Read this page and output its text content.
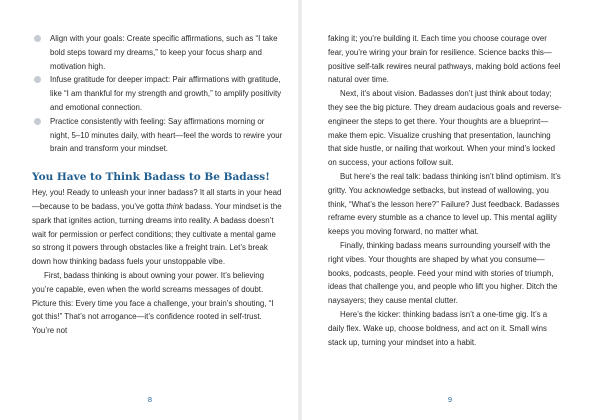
Align with your goals: Create specific affirmations, such as “I take bold steps toward my dreams,” to keep your focus sharp and motivation high.
Infuse gratitude for deeper impact: Pair affirmations with gratitude, like “I am thankful for my strength and growth,” to amplify positivity and emotional connection.
Practice consistently with feeling: Say affirmations morning or night, 5–10 minutes daily, with heart—feel the words to rewire your brain and transform your mindset.
You Have to Think Badass to Be Badass!

Hey, you! Ready to unleash your inner badass? It all starts in your head—because to be badass, you’ve gotta think badass. Your mindset is the spark that ignites action, turning dreams into reality. A badass doesn’t wait for permission or perfect conditions; they cultivate a mental game so strong it powers through obstacles like a freight train. Let’s break down how thinking badass fuels your unstoppable vibe.

First, badass thinking is about owning your power. It’s believing you’re capable, even when the world screams messages of doubt. Picture this: Every time you face a challenge, your brain’s shouting, “I got this!” That’s not arrogance—it’s confidence rooted in self-trust. You’re not

8

faking it; you’re building it. Each time you choose courage over fear, you’re wiring your brain for resilience. Science backs this—positive self-talk rewires neural pathways, making bold actions feel natural over time.

Next, it’s about vision. Badasses don’t just think about today; they see the big picture. They dream audacious goals and reverse-engineer the steps to get there. Your thoughts are a blueprint—make them epic. Visualize crushing that presentation, launching that side hustle, or nailing that workout. When your mind’s locked on success, your actions follow suit.

But here’s the real talk: badass thinking isn’t blind optimism. It’s gritty. You acknowledge setbacks, but instead of wallowing, you think, “What’s the lesson here?” Failure? Just feedback. Badasses reframe every stumble as a chance to level up. This mental agility keeps you moving forward, no matter what.

Finally, thinking badass means surrounding yourself with the right vibes. Your thoughts are shaped by what you consume—books, podcasts, people. Feed your mind with stories of triumph, ideas that challenge you, and people who lift you higher. Ditch the naysayers; they cause mental clutter.

Here’s the kicker: thinking badass isn’t a one-time gig. It’s a daily flex. Wake up, choose boldness, and act on it. Small wins stack up, turning your mindset into a habit.

9
